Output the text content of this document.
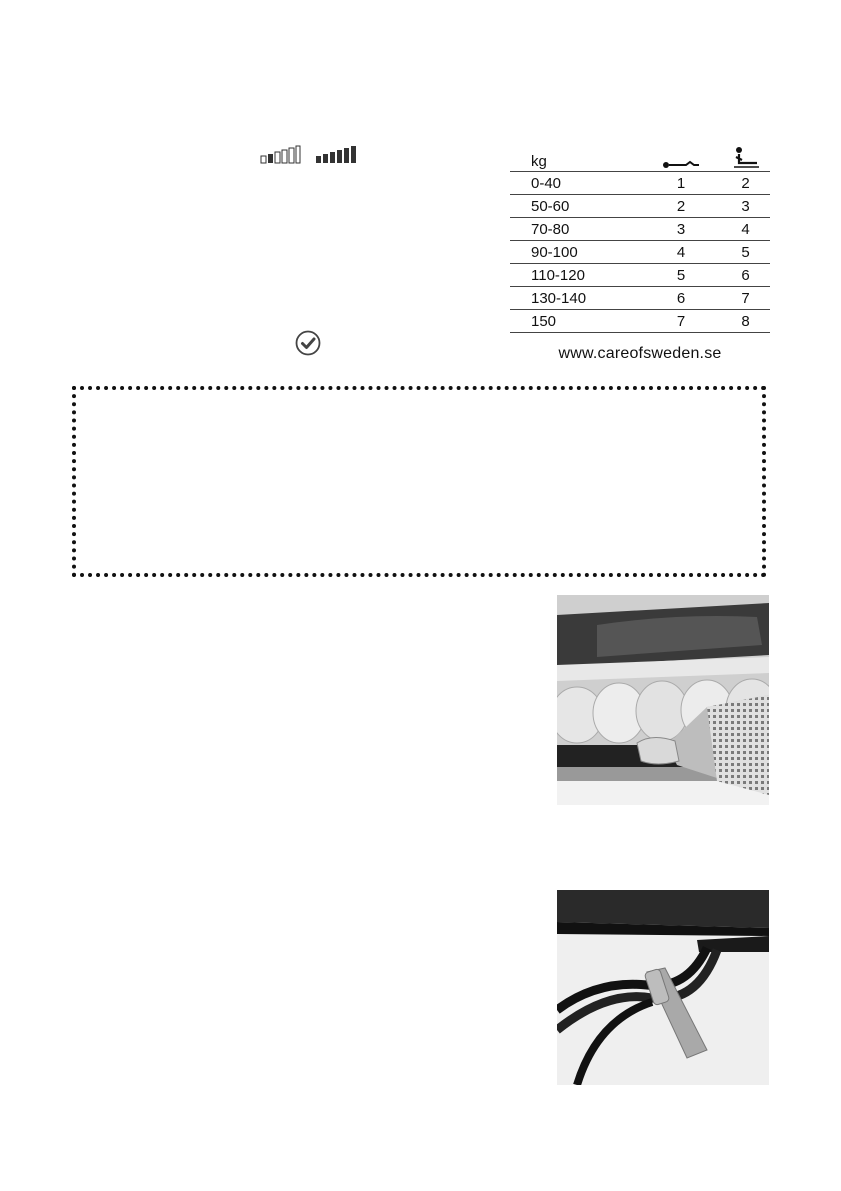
kg	

0-40	1	2
50-60	2	3
70-80	3	4
90-100	4	5
110-120	5	6
130-140	6	7
150	7	8
www.careofsweden.se
